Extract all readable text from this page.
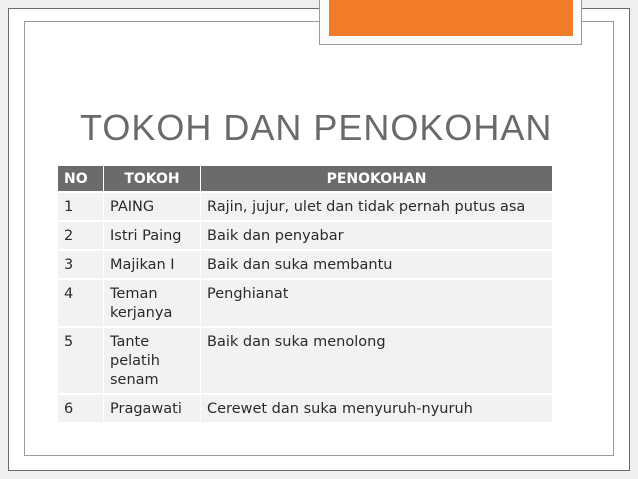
TOKOH DAN PENOKOHAN
NO	TOKOH	PENOKOHAN
1	PAING	Rajin, jujur, ulet dan tidak pernah putus asa
2	Istri Paing	Baik dan penyabar
3	Majikan I	Baik dan suka membantu
4	Teman kerjanya	Penghianat
5	Tante pelatih senam	Baik dan suka menolong
6	Pragawati	Cerewet dan suka menyuruh-nyuruh
